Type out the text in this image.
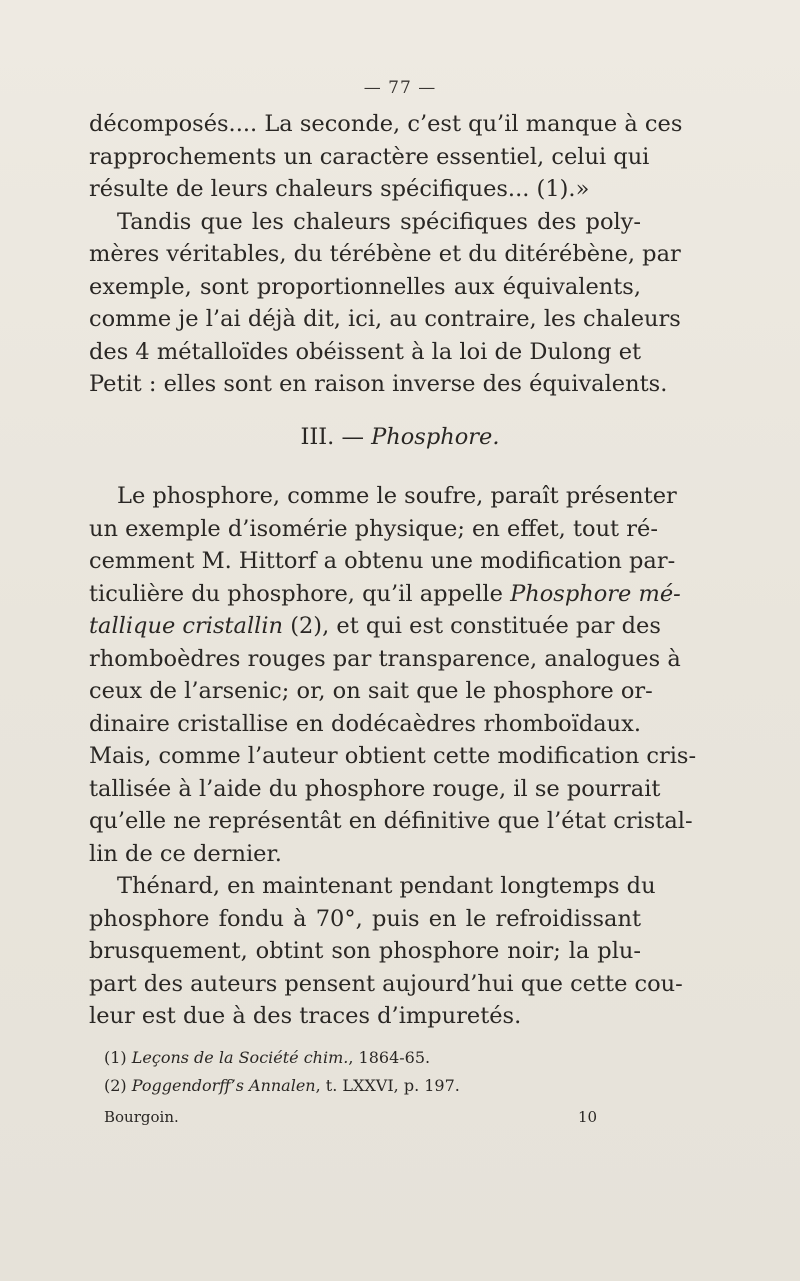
— 77 —
décomposés.... La seconde, c’est qu’il manque à ces
rapprochements un caractère essentiel, celui qui
résulte de leurs chaleurs spécifiques... (1).»
Tandis que les chaleurs spécifiques des poly-
mères véritables, du térébène et du ditérébène, par
exemple, sont proportionnelles aux équivalents,
comme je l’ai déjà dit, ici, au contraire, les chaleurs
des 4 métalloïdes obéissent à la loi de Dulong et
Petit : elles sont en raison inverse des équivalents.
III. — Phosphore.
Le phosphore, comme le soufre, paraît présenter
un exemple d’isomérie physique; en effet, tout ré-
cemment M. Hittorf a obtenu une modification par-
ticulière du phosphore, qu’il appelle Phosphore mé-
tallique cristallin (2), et qui est constituée par des
rhomboèdres rouges par transparence, analogues à
ceux de l’arsenic; or, on sait que le phosphore or-
dinaire cristallise en dodécaèdres rhomboïdaux.
Mais, comme l’auteur obtient cette modification cris-
tallisée à l’aide du phosphore rouge, il se pourrait
qu’elle ne représentât en définitive que l’état cristal-
lin de ce dernier.
Thénard, en maintenant pendant longtemps du
phosphore fondu à 70°, puis en le refroidissant
brusquement, obtint son phosphore noir; la plu-
part des auteurs pensent aujourd’hui que cette cou-
leur est due à des traces d’impuretés.
(1) Leçons de la Société chim., 1864-65.
(2) Poggendorff’s Annalen, t. LXXVI, p. 197.
Bourgoin.	10
